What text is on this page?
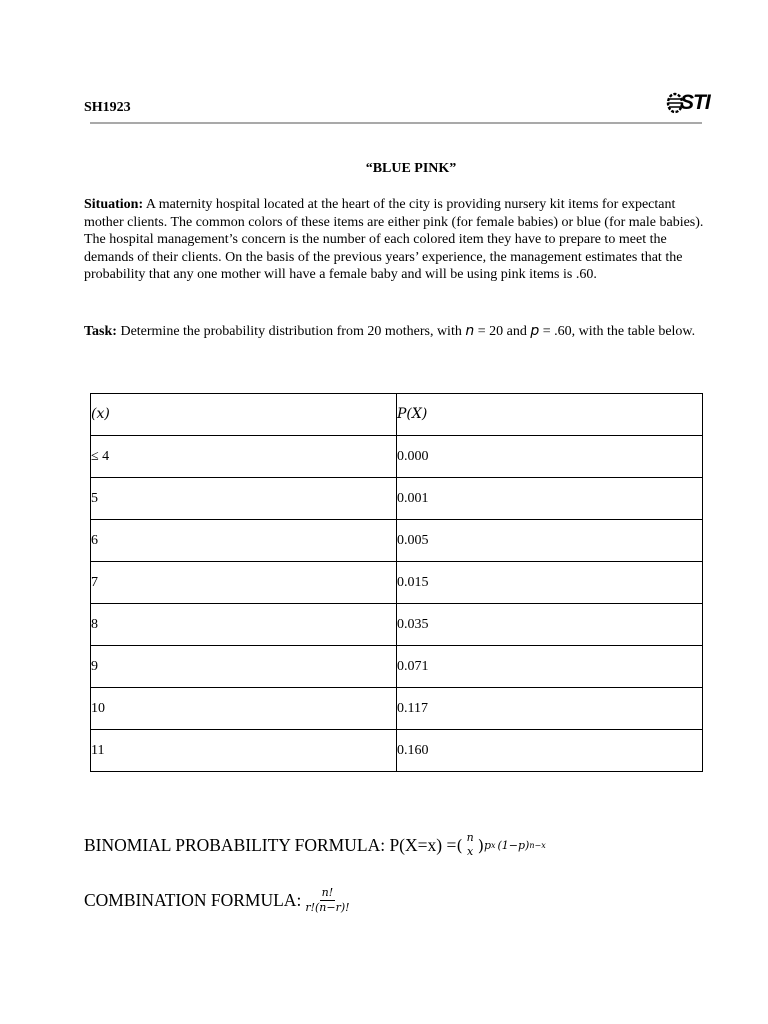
SH1923	STI
“BLUE PINK”
Situation: A maternity hospital located at the heart of the city is providing nursery kit items for expectant mother clients. The common colors of these items are either pink (for female babies) or blue (for male babies). The hospital management’s concern is the number of each colored item they have to prepare to meet the demands of their clients. On the basis of the previous years’ experience, the management estimates that the probability that any one mother will have a female baby and will be using pink items is .60.
Task: Determine the probability distribution from 20 mothers, with n = 20 and p = .60, with the table below.
(x)	P(X)
≤ 4	0.000
5	0.001
6	0.005
7	0.015
8	0.035
9	0.071
10	0.117
11	0.160
BINOMIAL PROBABILITY FORMULA: P(X=x) = ( n
x ) p x (1−p) n−x
COMBINATION FORMULA: $\frac{n!}{r!(n-r)!}$
